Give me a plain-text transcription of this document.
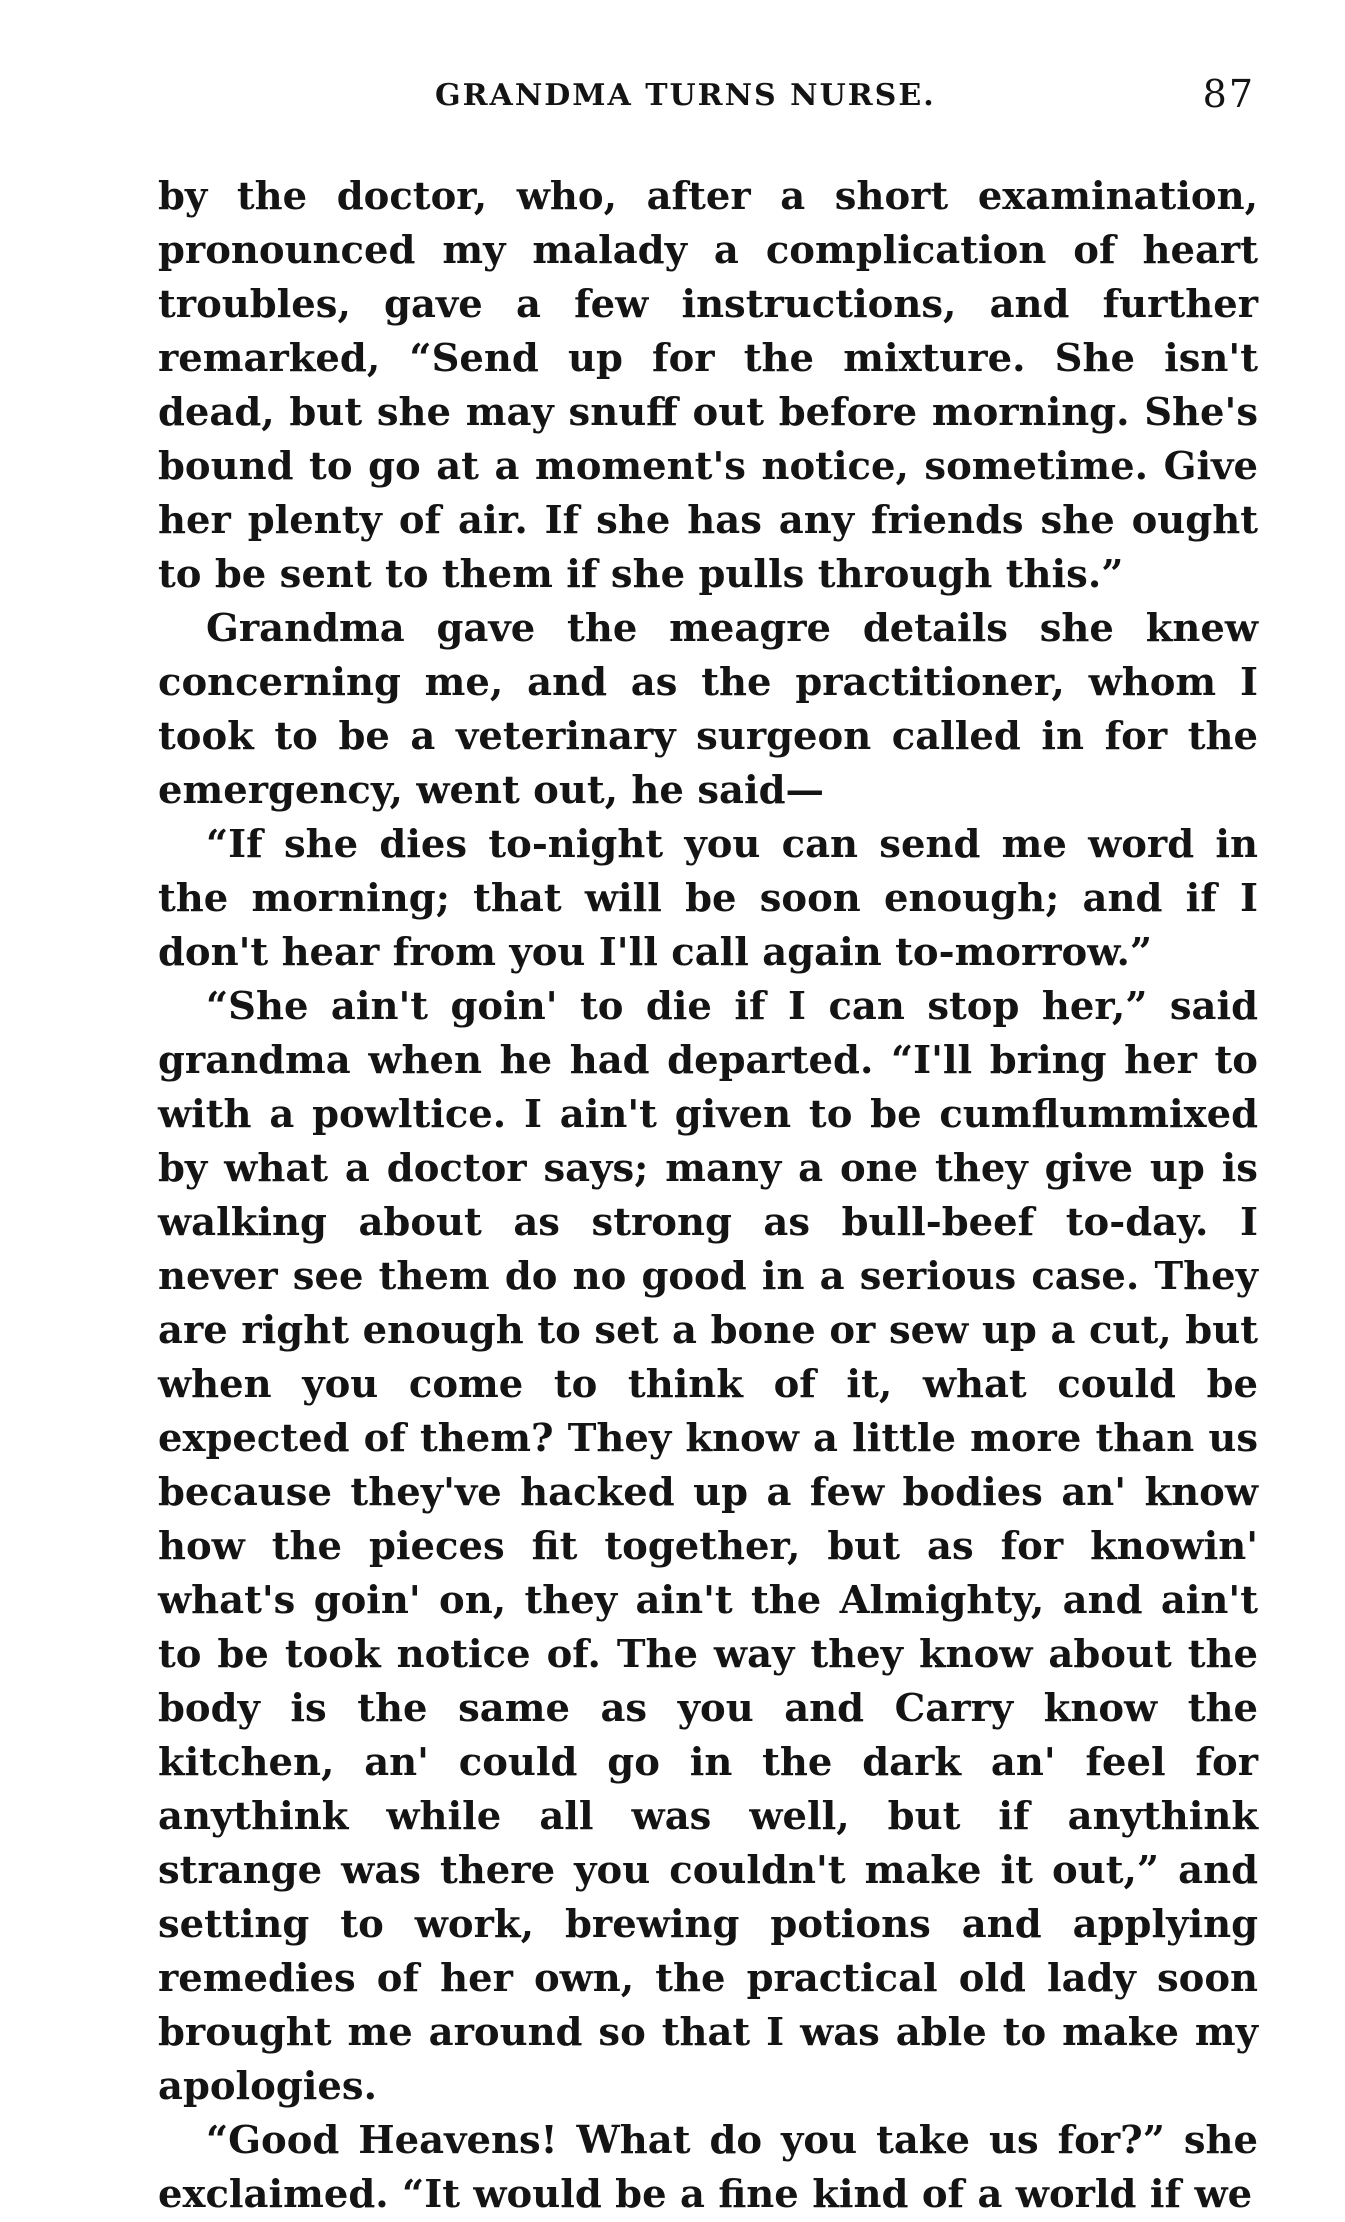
GRANDMA TURNS NURSE.	87

by the doctor, who, after a short examination, pronounced my malady a complication of heart troubles, gave a few instructions, and further remarked, “Send up for the mixture. She isn't dead, but she may snuff out before morning. She's bound to go at a moment's notice, sometime. Give her plenty of air. If she has any friends she ought to be sent to them if she pulls through this.”

Grandma gave the meagre details she knew concerning me, and as the practitioner, whom I took to be a veterinary surgeon called in for the emergency, went out, he said—

“If she dies to-night you can send me word in the morning; that will be soon enough; and if I don't hear from you I'll call again to-morrow.”

“She ain't goin' to die if I can stop her,” said grandma when he had departed. “I'll bring her to with a powltice. I ain't given to be cumflummixed by what a doctor says; many a one they give up is walking about as strong as bull-beef to-day. I never see them do no good in a serious case. They are right enough to set a bone or sew up a cut, but when you come to think of it, what could be expected of them? They know a little more than us because they've hacked up a few bodies an' know how the pieces fit together, but as for knowin' what's goin' on, they ain't the Almighty, and ain't to be took notice of. The way they know about the body is the same as you and Carry know the kitchen, an' could go in the dark an' feel for anythink while all was well, but if anythink strange was there you couldn't make it out,” and setting to work, brewing potions and applying remedies of her own, the practical old lady soon brought me around so that I was able to make my apologies.

“Good Heavens! What do you take us for?” she exclaimed. “It would be a fine kind of a world if we
